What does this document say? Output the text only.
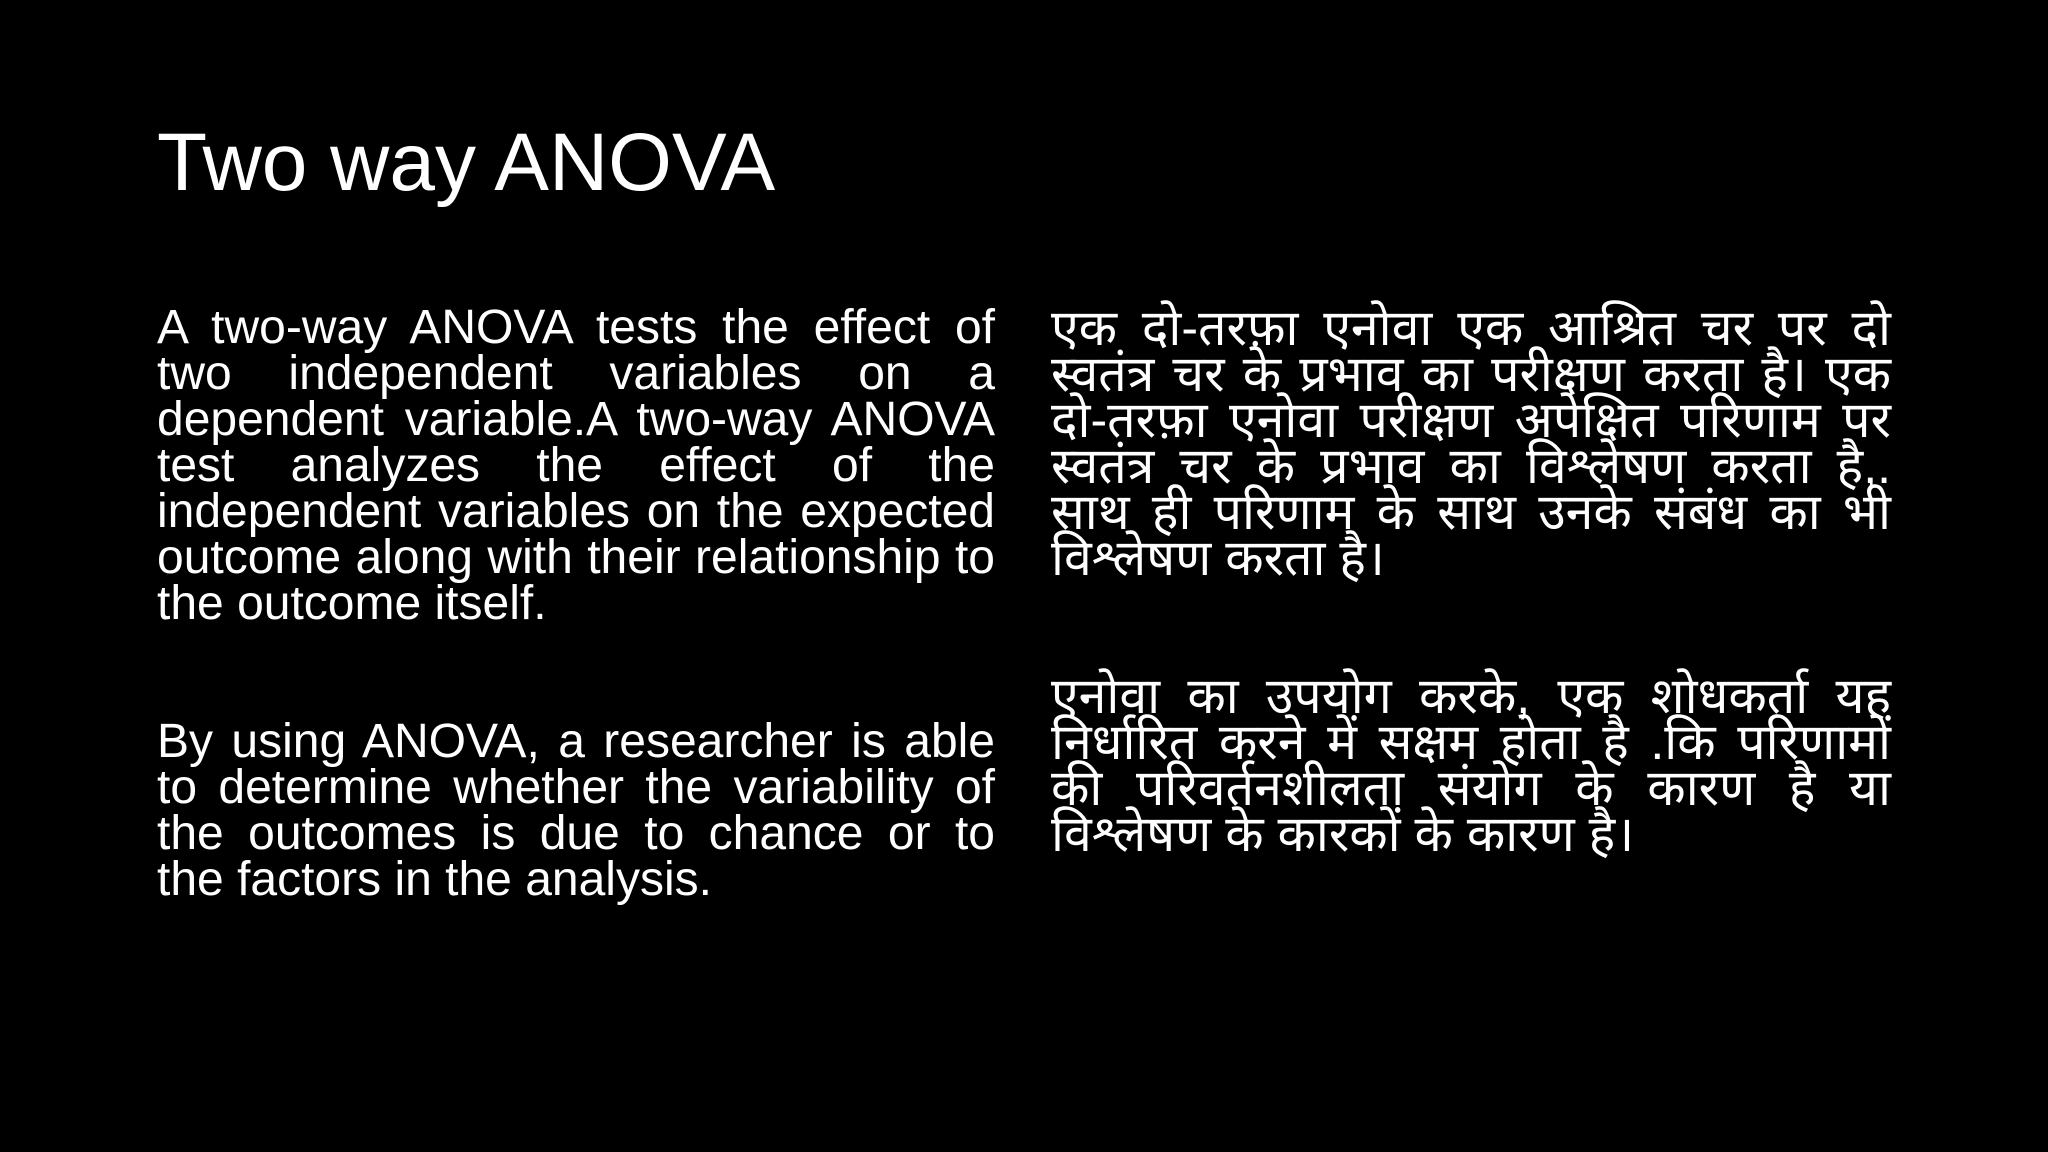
Two way ANOVA

A two-way ANOVA tests the effect of two independent variables on a dependent variable.A two-way ANOVA test analyzes the effect of the independent variables on the expected outcome along with their relationship to the outcome itself.

By using ANOVA, a researcher is able to determine whether the variability of the outcomes is due to chance or to the factors in the analysis.

एक दो-तरफ़ा एनोवा एक आश्रित चर पर दो स्वतंत्र चर के प्रभाव का परीक्षण करता है। एक दो-तरफ़ा एनोवा परीक्षण अपेक्षित परिणाम पर स्वतंत्र चर के प्रभाव का विश्लेषण करता है,. साथ ही परिणाम के साथ उनके संबंध का भी विश्लेषण करता है।

एनोवा का उपयोग करके, एक शोधकर्ता यह निर्धारित करने में सक्षम होता है .कि परिणामों की परिवर्तनशीलता संयोग के कारण है या विश्लेषण के कारकों के कारण है।
